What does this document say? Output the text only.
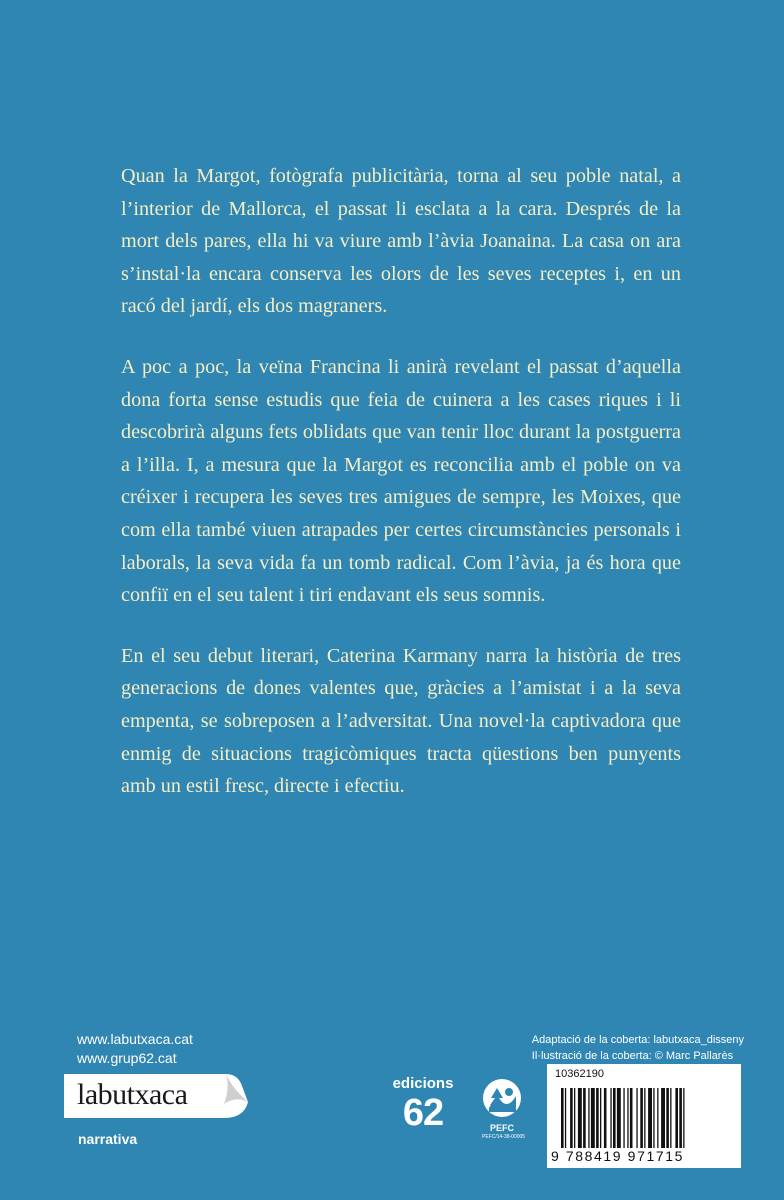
Quan la Margot, fotògrafa publicitària, torna al seu poble natal, a l’interior de Mallorca, el passat li esclata a la cara. Després de la mort dels pares, ella hi va viure amb l’àvia Joanaina. La casa on ara s’instal·la encara conserva les olors de les seves receptes i, en un racó del jardí, els dos magraners.

A poc a poc, la veïna Francina li anirà revelant el passat d’aquella dona forta sense estudis que feia de cuinera a les cases riques i li descobrirà alguns fets oblidats que van tenir lloc durant la postguerra a l’illa. I, a mesura que la Margot es reconcilia amb el poble on va créixer i recupera les seves tres amigues de sempre, les Moixes, que com ella també viuen atrapades per certes circumstàncies personals i laborals, la seva vida fa un tomb radical. Com l’àvia, ja és hora que confiï en el seu talent i tiri endavant els seus somnis.

En el seu debut literari, Caterina Karmany narra la història de tres generacions de dones valentes que, gràcies a l’amistat i a la seva empenta, se sobreposen a l’adversitat. Una novel·la captivadora que enmig de situacions tragicòmiques tracta qüestions ben punyents amb un estil fresc, directe i efectiu.

www.labutxaca.cat
www.grup62.cat
labutxaca
narrativa
edicions
62	PEFC
PEFC/14-38-00005
Adaptació de la coberta: labutxaca_disseny
Il·lustració de la coberta: © Marc Pallarès
10362190
9 788419 971715
